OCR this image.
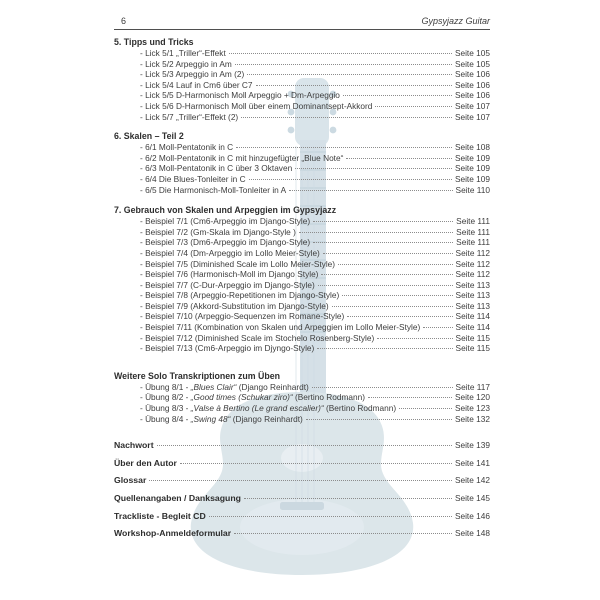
6	Gypsyjazz Guitar
5. Tipps und Tricks
- Lick 5/1 „Triller“-Effekt	Seite 105
- Lick 5/2 Arpeggio in Am	Seite 105
- Lick 5/3 Arpeggio in Am (2)	Seite 106
- Lick 5/4 Lauf in Cm6 über C7	Seite 106
- Lick 5/5 D-Harmonisch Moll Arpeggio + Dm-Arpeggio	Seite 106
- Lick 5/6 D-Harmonisch Moll über einem Dominantsept-Akkord	Seite 107
- Lick 5/7 „Triller“-Effekt (2)	Seite 107
6. Skalen – Teil 2
- 6/1 Moll-Pentatonik in C	Seite 108
- 6/2 Moll-Pentatonik in C mit hinzugefügter „Blue Note“	Seite 109
- 6/3 Moll-Pentatonik in C über 3 Oktaven	Seite 109
- 6/4 Die Blues-Tonleiter in C	Seite 109
- 6/5 Die Harmonisch-Moll-Tonleiter in A	Seite 110
7. Gebrauch von Skalen und Arpeggien im Gypsyjazz
- Beispiel 7/1 (Cm6-Arpeggio im Django-Style)	Seite 111
- Beispiel 7/2 (Gm-Skala im Django-Style )	Seite 111
- Beispiel 7/3 (Dm6-Arpeggio im Django-Style)	Seite 111
- Beispiel 7/4 (Dm-Arpeggio im Lollo Meier-Style)	Seite 112
- Beispiel 7/5 (Diminished Scale im Lollo Meier-Style)	Seite 112
- Beispiel 7/6 (Harmonisch-Moll im Django Style)	Seite 112
- Beispiel 7/7 (C-Dur-Arpeggio im Django-Style)	Seite 113
- Beispiel 7/8 (Arpeggio-Repetitionen im Django-Style)	Seite 113
- Beispiel 7/9 (Akkord-Substitution im Django-Style)	Seite 113
- Beispiel 7/10 (Arpeggio-Sequenzen im Romane-Style)	Seite 114
- Beispiel 7/11 (Kombination von Skalen und Arpeggien im Lollo Meier-Style)	Seite 114
- Beispiel 7/12 (Diminished Scale im Stochelo Rosenberg-Style)	Seite 115
- Beispiel 7/13 (Cm6-Arpeggio im Djyngo-Style)	Seite 115
Weitere Solo Transkriptionen zum Üben
- Übung 8/1 - „Blues Clair“ (Django Reinhardt)	Seite 117
- Übung 8/2 - „Good times (Schukar ziro)“ (Bertino Rodmann)	Seite 120
- Übung 8/3 - „Valse à Bertino (Le grand escalier)“ (Bertino Rodmann)	Seite 123
- Übung 8/4 - „Swing 48“ (Django Reinhardt)	Seite 132
Nachwort	Seite 139
Über den Autor	Seite 141
Glossar	Seite 142
Quellenangaben / Danksagung	Seite 145
Trackliste - Begleit CD	Seite 146
Workshop-Anmeldeformular	Seite 148
